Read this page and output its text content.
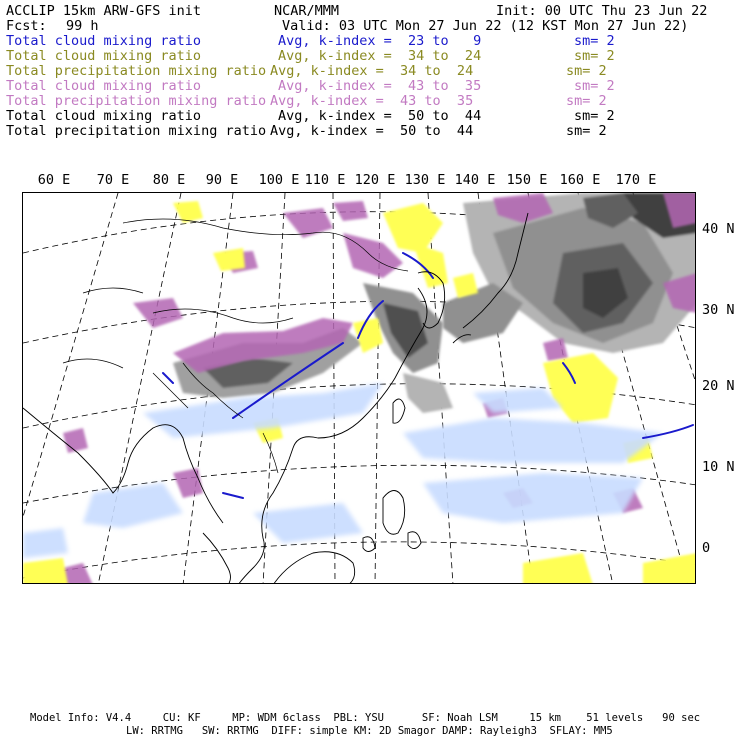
ACCLIP 15km ARW-GFS init	NCAR/MMM	Init: 00 UTC Thu 23 Jun 22
Fcst: 99 h	Valid: 03 UTC Mon 27 Jun 22 (12 KST Mon 27 Jun 22)
Total cloud mixing ratio	Avg, k-index =  23 to   9	sm= 2
Total cloud mixing ratio	Avg, k-index =  34 to  24	sm= 2
Total precipitation mixing ratio Avg, k-index =  34 to  24	sm= 2
Total cloud mixing ratio	Avg, k-index =  43 to  35	sm= 2
Total precipitation mixing ratio Avg, k-index =  43 to  35	sm= 2
Total cloud mixing ratio	Avg, k-index =  50 to  44	sm= 2
Total precipitation mixing ratio Avg, k-index =  50 to  44	sm= 2
60 E 70 E 80 E 90 E 100 E 110 E 120 E 130 E 140 E 150 E 160 E 170 E
40 N
30 N
20 N
10 N
0
Model Info: V4.4     CU: KF     MP: WDM 6class  PBL: YSU      SF: Noah LSM     15 km    51 levels   90 sec
LW: RRTMG   SW: RRTMG  DIFF: simple KM: 2D Smagor DAMP: Rayleigh3  SFLAY: MM5
